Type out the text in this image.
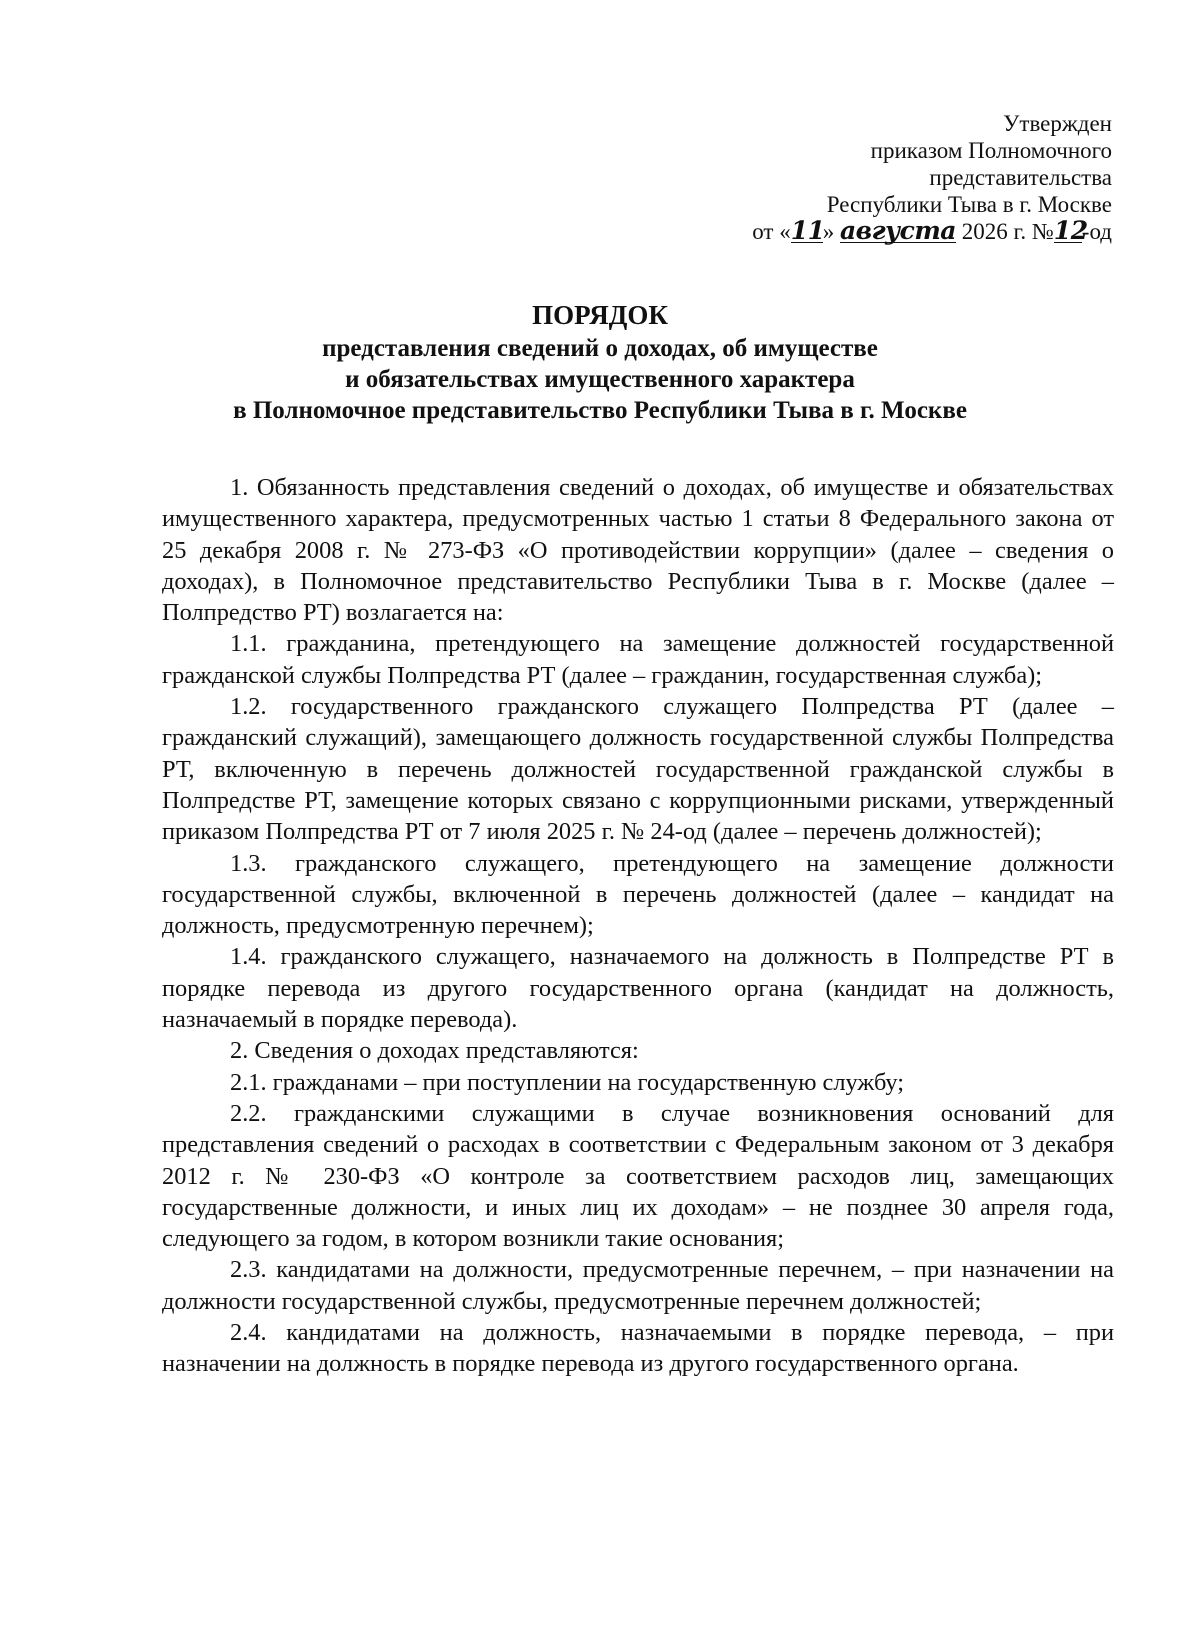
Утвержден
приказом Полномочного
представительства
Республики Тыва в г. Москве
от «11» августа 2026 г. №12-од
ПОРЯДОК
представления сведений о доходах, об имуществе
и обязательствах имущественного характера
в Полномочное представительство Республики Тыва в г. Москве

1. Обязанность представления сведений о доходах, об имуществе и обязательствах имущественного характера, предусмотренных частью 1 статьи 8 Федерального закона от 25 декабря 2008 г. № 273-ФЗ «О противодействии коррупции» (далее – сведения о доходах), в Полномочное представительство Республики Тыва в г. Москве (далее – Полпредство РТ) возлагается на:

1.1. гражданина, претендующего на замещение должностей государственной гражданской службы Полпредства РТ (далее – гражданин, государственная служба);

1.2. государственного гражданского служащего Полпредства РТ (далее – гражданский служащий), замещающего должность государственной службы Полпредства РТ, включенную в перечень должностей государственной гражданской службы в Полпредстве РТ, замещение которых связано с коррупционными рисками, утвержденный приказом Полпредства РТ от 7 июля 2025 г. № 24-од (далее – перечень должностей);

1.3. гражданского служащего, претендующего на замещение должности государственной службы, включенной в перечень должностей (далее – кандидат на должность, предусмотренную перечнем);

1.4. гражданского служащего, назначаемого на должность в Полпредстве РТ в порядке перевода из другого государственного органа (кандидат на должность, назначаемый в порядке перевода).

2. Сведения о доходах представляются:

2.1. гражданами – при поступлении на государственную службу;

2.2. гражданскими служащими в случае возникновения оснований для представления сведений о расходах в соответствии с Федеральным законом от 3 декабря 2012 г. № 230-ФЗ «О контроле за соответствием расходов лиц, замещающих государственные должности, и иных лиц их доходам» – не позднее 30 апреля года, следующего за годом, в котором возникли такие основания;

2.3. кандидатами на должности, предусмотренные перечнем, – при назначении на должности государственной службы, предусмотренные перечнем должностей;

2.4. кандидатами на должность, назначаемыми в порядке перевода, – при назначении на должность в порядке перевода из другого государственного органа.
